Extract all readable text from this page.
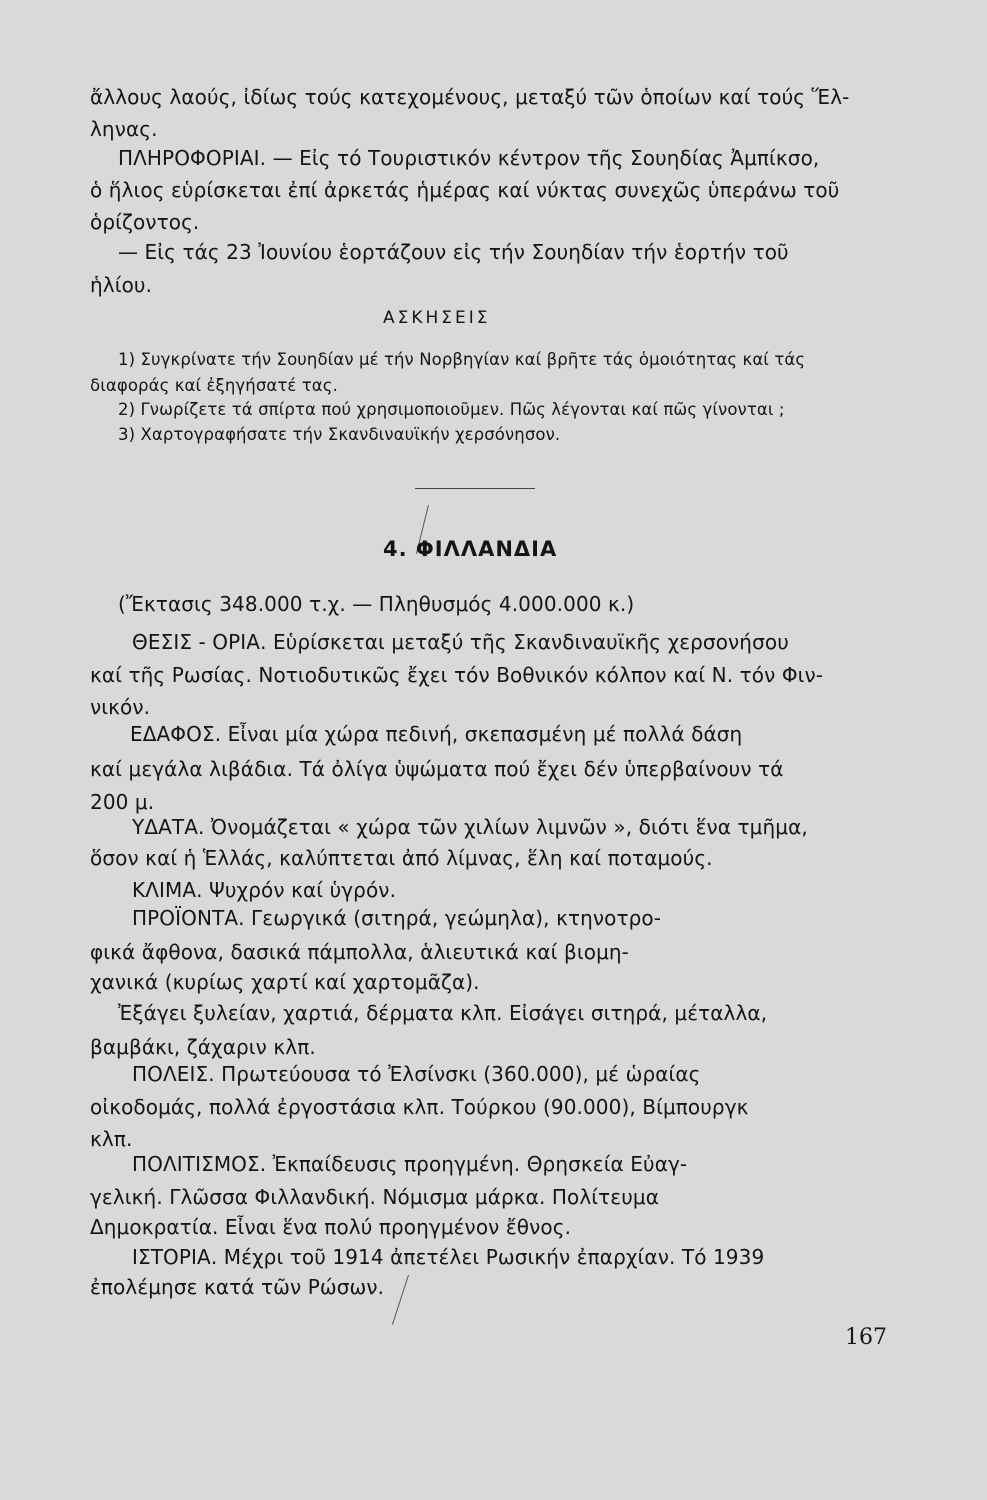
ἄλλους λαούς, ἰδίως τούς κατεχομένους, μεταξύ τῶν ὁποίων καί τούς Ἕλ-
ληνας.
ΠΛΗΡΟΦΟΡΙΑΙ. — Εἰς τό Τουριστικόν κέντρον τῆς Σουηδίας Ἀμπίκσο,
ὁ ἥλιος εὑρίσκεται ἐπί ἀρκετάς ἡμέρας καί νύκτας συνεχῶς ὑπεράνω τοῦ
ὁρίζοντος.
— Εἰς τάς 23 Ἰουνίου ἑορτάζουν εἰς τήν Σουηδίαν τήν ἑορτήν τοῦ
ἡλίου.
ΑΣΚΗΣΕΙΣ
1) Συγκρίνατε τήν Σουηδίαν μέ τήν Νορβηγίαν καί βρῆτε τάς ὁμοιότητας καί τάς
διαφοράς καί ἐξηγήσατέ τας.
2) Γνωρίζετε τά σπίρτα πού χρησιμοποιοῦμεν. Πῶς λέγονται καί πῶς γίνονται ;
3) Χαρτογραφήσατε τήν Σκανδιναυϊκήν χερσόνησον.
4. ΦΙΛΛΑΝΔΙΑ
(Ἔκτασις 348.000 τ.χ. — Πληθυσμός 4.000.000 κ.)
ΘΕΣΙΣ - ΟΡΙΑ. Εὑρίσκεται μεταξύ τῆς Σκανδιναυϊκῆς χερσονήσου
καί τῆς Ρωσίας. Νοτιοδυτικῶς ἔχει τόν Βοθνικόν κόλπον καί Ν. τόν Φιν-
νικόν.
ΕΔΑΦΟΣ. Εἶναι μία χώρα πεδινή, σκεπασμένη μέ πολλά δάση
καί μεγάλα λιβάδια. Τά ὀλίγα ὑψώματα πού ἔχει δέν ὑπερβαίνουν τά
200 μ.
ΥΔΑΤΑ. Ὀνομάζεται « χώρα τῶν χιλίων λιμνῶν », διότι ἕνα τμῆμα,
ὅσον καί ἡ Ἑλλάς, καλύπτεται ἀπό λίμνας, ἕλη καί ποταμούς.
ΚΛΙΜΑ. Ψυχρόν καί ὑγρόν.
ΠΡΟΪΟΝΤΑ. Γεωργικά (σιτηρά, γεώμηλα), κτηνοτρο-
φικά ἄφθονα, δασικά πάμπολλα, ἁλιευτικά καί βιομη-
χανικά (κυρίως χαρτί καί χαρτομᾶζα).
Ἐξάγει ξυλείαν, χαρτιά, δέρματα κλπ. Εἰσάγει σιτηρά, μέταλλα,
βαμβάκι, ζάχαριν κλπ.
ΠΟΛΕΙΣ. Πρωτεύουσα τό Ἐλσίνσκι (360.000), μέ ὡραίας
οἰκοδομάς, πολλά ἐργοστάσια κλπ. Τούρκου (90.000), Βίμπουργκ
κλπ.
ΠΟΛΙΤΙΣΜΟΣ. Ἐκπαίδευσις προηγμένη. Θρησκεία Εὐαγ-
γελική. Γλῶσσα Φιλλανδική. Νόμισμα μάρκα. Πολίτευμα
Δημοκρατία. Εἶναι ἕνα πολύ προηγμένον ἔθνος.
ΙΣΤΟΡΙΑ. Μέχρι τοῦ 1914 ἀπετέλει Ρωσικήν ἐπαρχίαν. Τό 1939
ἐπολέμησε κατά τῶν Ρώσων.
167
